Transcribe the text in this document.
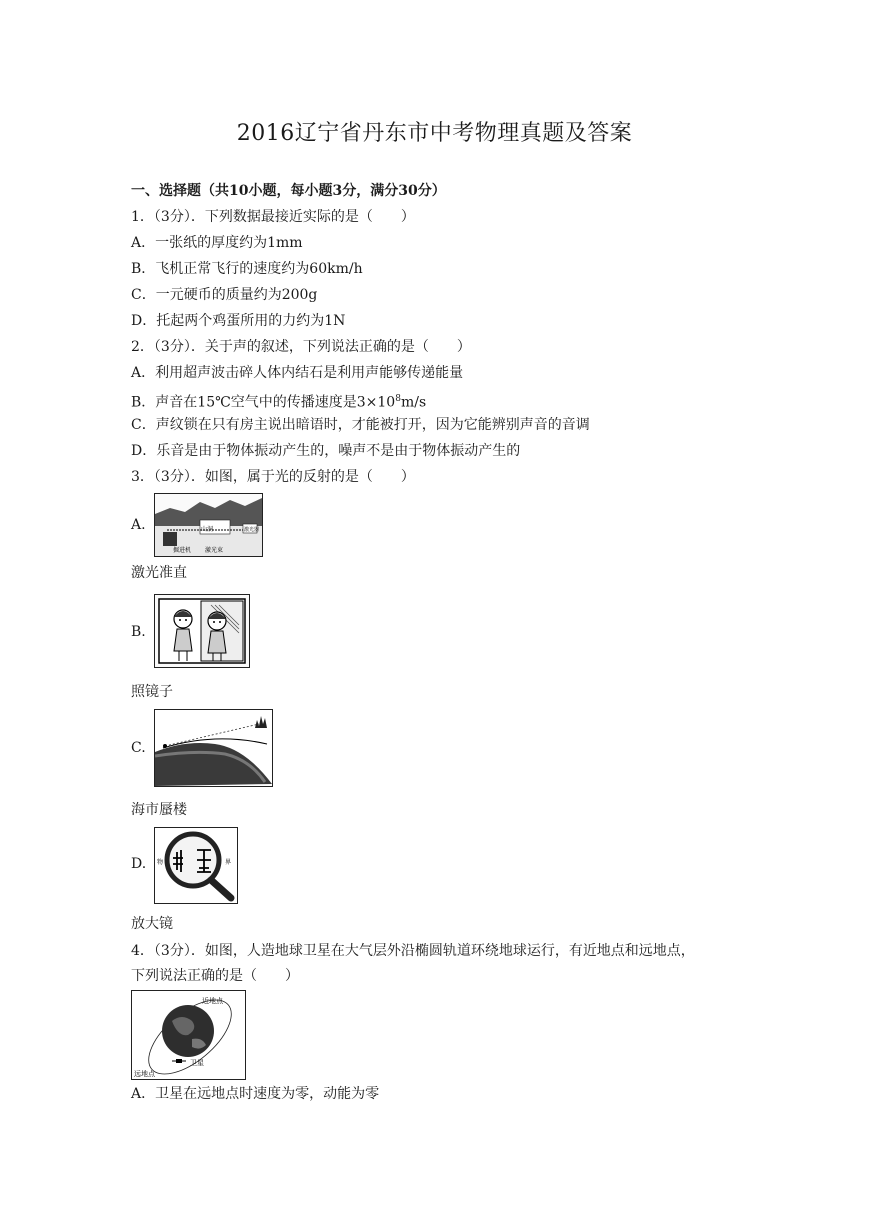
2016辽宁省丹东市中考物理真题及答案
一、选择题（共10小题，每小题3分，满分30分）
1．（3分）．下列数据最接近实际的是（　　）
A．一张纸的厚度约为1mm
B．飞机正常飞行的速度约为60km/h
C．一元硬币的质量约为200g
D．托起两个鸡蛋所用的力约为1N
2．（3分）．关于声的叙述，下列说法正确的是（　　）
A．利用超声波击碎人体内结石是利用声能够传递能量
B．声音在15℃空气中的传播速度是$3\times 10^8m/s$
C．声纹锁在只有房主说出暗语时，才能被打开，因为它能辨别声音的音调
D．乐音是由于物体振动产生的，噪声不是由于物体振动产生的
3．（3分）．如图，属于光的反射的是（　　）
A.	山洞
掘进机 激光束
激光器
激光准直
B.
照镜子
C.
海市蜃楼
D. 物	界
放大镜
4．（3分）．如图，人造地球卫星在大气层外沿椭圆轨道环绕地球运行，有近地点和远地点，
下列说法正确的是（　　）
近地点
卫星
远地点
A．卫星在远地点时速度为零，动能为零
